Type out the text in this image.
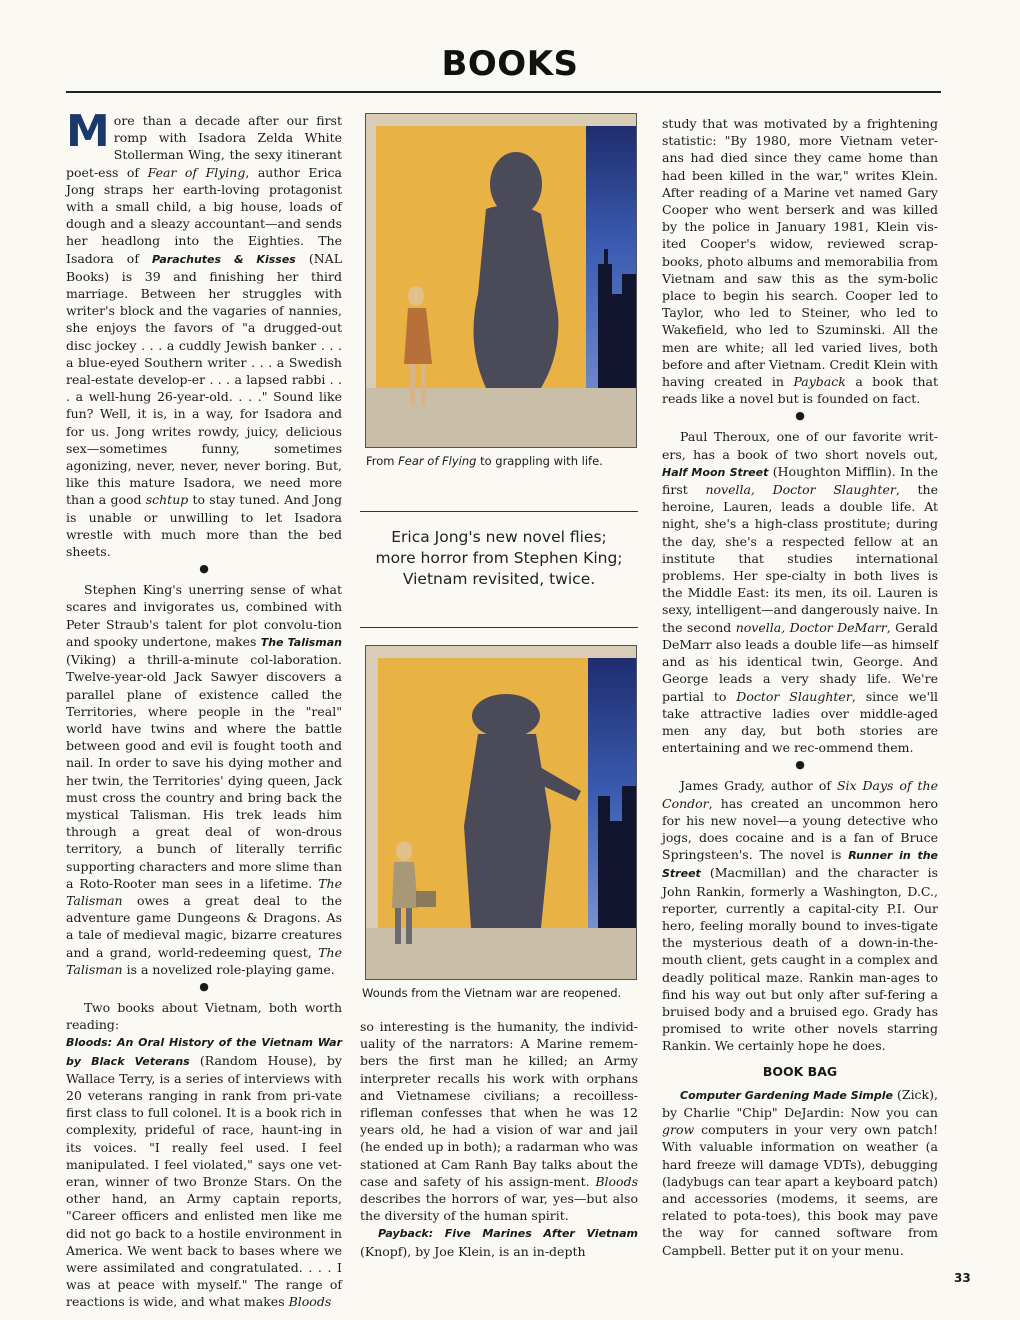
BOOKS

More than a decade after our first romp with Isadora Zelda White Stollerman Wing, the sexy itinerant poet-ess of Fear of Flying, author Erica Jong straps her earth-loving protagonist with a small child, a big house, loads of dough and a sleazy accountant—and sends her headlong into the Eighties. The Isadora of Parachutes & Kisses (NAL Books) is 39 and finishing her third marriage. Between her struggles with writer's block and the vagaries of nannies, she enjoys the favors of "a drugged-out disc jockey . . . a cuddly Jewish banker . . . a blue-eyed Southern writer . . . a Swedish real-estate develop-er . . . a lapsed rabbi . . . a well-hung 26-year-old. . . ." Sound like fun? Well, it is, in a way, for Isadora and for us. Jong writes rowdy, juicy, delicious sex—sometimes funny, sometimes agonizing, never, never, never boring. But, like this mature Isadora, we need more than a good schtup to stay tuned. And Jong is unable or unwilling to let Isadora wrestle with much more than the bed sheets.

●

Stephen King's unerring sense of what scares and invigorates us, combined with Peter Straub's talent for plot convolu-tion and spooky undertone, makes The Talisman (Viking) a thrill-a-minute col-laboration. Twelve-year-old Jack Sawyer discovers a parallel plane of existence called the Territories, where people in the "real" world have twins and where the battle between good and evil is fought tooth and nail. In order to save his dying mother and her twin, the Territories' dying queen, Jack must cross the country and bring back the mystical Talisman. His trek leads him through a great deal of won-drous territory, a bunch of literally terrific supporting characters and more slime than a Roto-Rooter man sees in a lifetime. The Talisman owes a great deal to the adventure game Dungeons & Dragons. As a tale of medieval magic, bizarre creatures and a grand, world-redeeming quest, The Talisman is a novelized role-playing game.

●

Two books about Vietnam, both worth reading:

Bloods: An Oral History of the Vietnam War by Black Veterans (Random House), by Wallace Terry, is a series of interviews with 20 veterans ranging in rank from pri-vate first class to full colonel. It is a book rich in complexity, prideful of race, haunt-ing in its voices. "I really feel used. I feel manipulated. I feel violated," says one vet-eran, winner of two Bronze Stars. On the other hand, an Army captain reports, "Career officers and enlisted men like me did not go back to a hostile environment in America. We went back to bases where we were assimilated and congratulated. . . . I was at peace with myself." The range of reactions is wide, and what makes Bloods

From Fear of Flying to grappling with life.

Erica Jong's new novel flies;
more horror from Stephen King;
Vietnam revisited, twice.

Wounds from the Vietnam war are reopened.

so interesting is the humanity, the individ-uality of the narrators: A Marine remem-bers the first man he killed; an Army interpreter recalls his work with orphans and Vietnamese civilians; a recoilless-rifleman confesses that when he was 12 years old, he had a vision of war and jail (he ended up in both); a radarman who was stationed at Cam Ranh Bay talks about the case and safety of his assign-ment. Bloods describes the horrors of war, yes—but also the diversity of the human spirit.

Payback: Five Marines After Vietnam (Knopf), by Joe Klein, is an in-depth

study that was motivated by a frightening statistic: "By 1980, more Vietnam veter-ans had died since they came home than had been killed in the war," writes Klein. After reading of a Marine vet named Gary Cooper who went berserk and was killed by the police in January 1981, Klein vis-ited Cooper's widow, reviewed scrap-books, photo albums and memorabilia from Vietnam and saw this as the sym-bolic place to begin his search. Cooper led to Taylor, who led to Steiner, who led to Wakefield, who led to Szuminski. All the men are white; all led varied lives, both before and after Vietnam. Credit Klein with having created in Payback a book that reads like a novel but is founded on fact.

●

Paul Theroux, one of our favorite writ-ers, has a book of two short novels out, Half Moon Street (Houghton Mifflin). In the first novella, Doctor Slaughter, the heroine, Lauren, leads a double life. At night, she's a high-class prostitute; during the day, she's a respected fellow at an institute that studies international problems. Her spe-cialty in both lives is the Middle East: its men, its oil. Lauren is sexy, intelligent—and dangerously naive. In the second novella, Doctor DeMarr, Gerald DeMarr also leads a double life—as himself and as his identical twin, George. And George leads a very shady life. We're partial to Doctor Slaughter, since we'll take attractive ladies over middle-aged men any day, but both stories are entertaining and we rec-ommend them.

●

James Grady, author of Six Days of the Condor, has created an uncommon hero for his new novel—a young detective who jogs, does cocaine and is a fan of Bruce Springsteen's. The novel is Runner in the Street (Macmillan) and the character is John Rankin, formerly a Washington, D.C., reporter, currently a capital-city P.I. Our hero, feeling morally bound to inves-tigate the mysterious death of a down-in-the-mouth client, gets caught in a complex and deadly political maze. Rankin man-ages to find his way out but only after suf-fering a bruised body and a bruised ego. Grady has promised to write other novels starring Rankin. We certainly hope he does.

BOOK BAG

Computer Gardening Made Simple (Zick), by Charlie "Chip" DeJardin: Now you can grow computers in your very own patch! With valuable information on weather (a hard freeze will damage VDTs), debugging (ladybugs can tear apart a keyboard patch) and accessories (modems, it seems, are related to pota-toes), this book may pave the way for canned software from Campbell. Better put it on your menu.

33
